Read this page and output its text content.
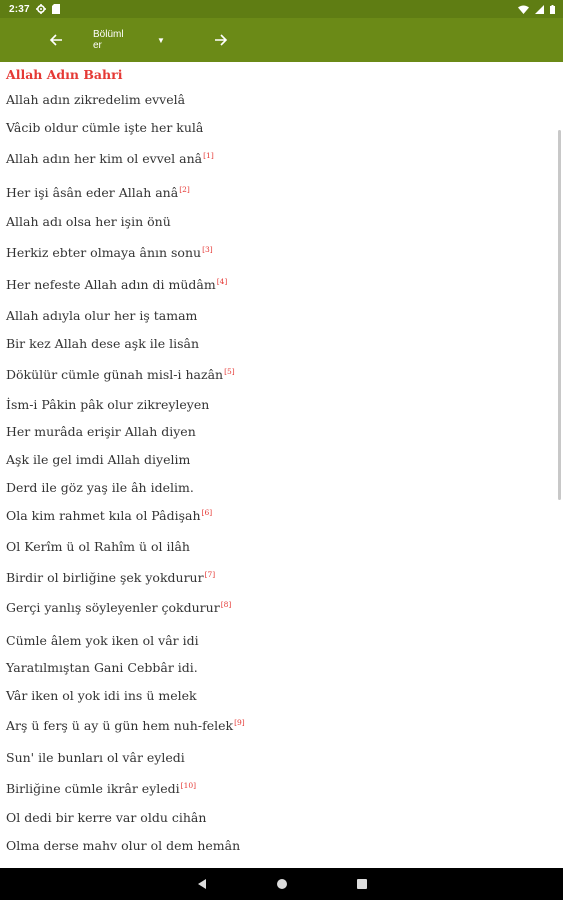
2:37
Bölümler	▼
Allah Adın Bahri
Allah adın zikredelim evvelâ
Vâcib oldur cümle işte her kulâ
Allah adın her kim ol evvel anâ[1]
Her işi âsân eder Allah anâ[2]
Allah adı olsa her işin önü
Herkiz ebter olmaya ânın sonu[3]
Her nefeste Allah adın di müdâm[4]
Allah adıyla olur her iş tamam
Bir kez Allah dese aşk ile lisân
Dökülür cümle günah misl-i hazân[5]
İsm-i Pâkin pâk olur zikreyleyen
Her murâda erişir Allah diyen
Aşk ile gel imdi Allah diyelim
Derd ile göz yaş ile âh idelim.
Ola kim rahmet kıla ol Pâdişah[6]
Ol Kerîm ü ol Rahîm ü ol ilâh
Birdir ol birliğine şek yokdurur[7]
Gerçi yanlış söyleyenler çokdurur[8]
Cümle âlem yok iken ol vâr idi
Yaratılmıştan Gani Cebbâr idi.
Vâr iken ol yok idi ins ü melek
Arş ü ferş ü ay ü gün hem nuh-felek[9]
Sun' ile bunları ol vâr eyledi
Birliğine cümle ikrâr eyledi[10]
Ol dedi bir kerre var oldu cihân
Olma derse mahv olur ol dem hemân
